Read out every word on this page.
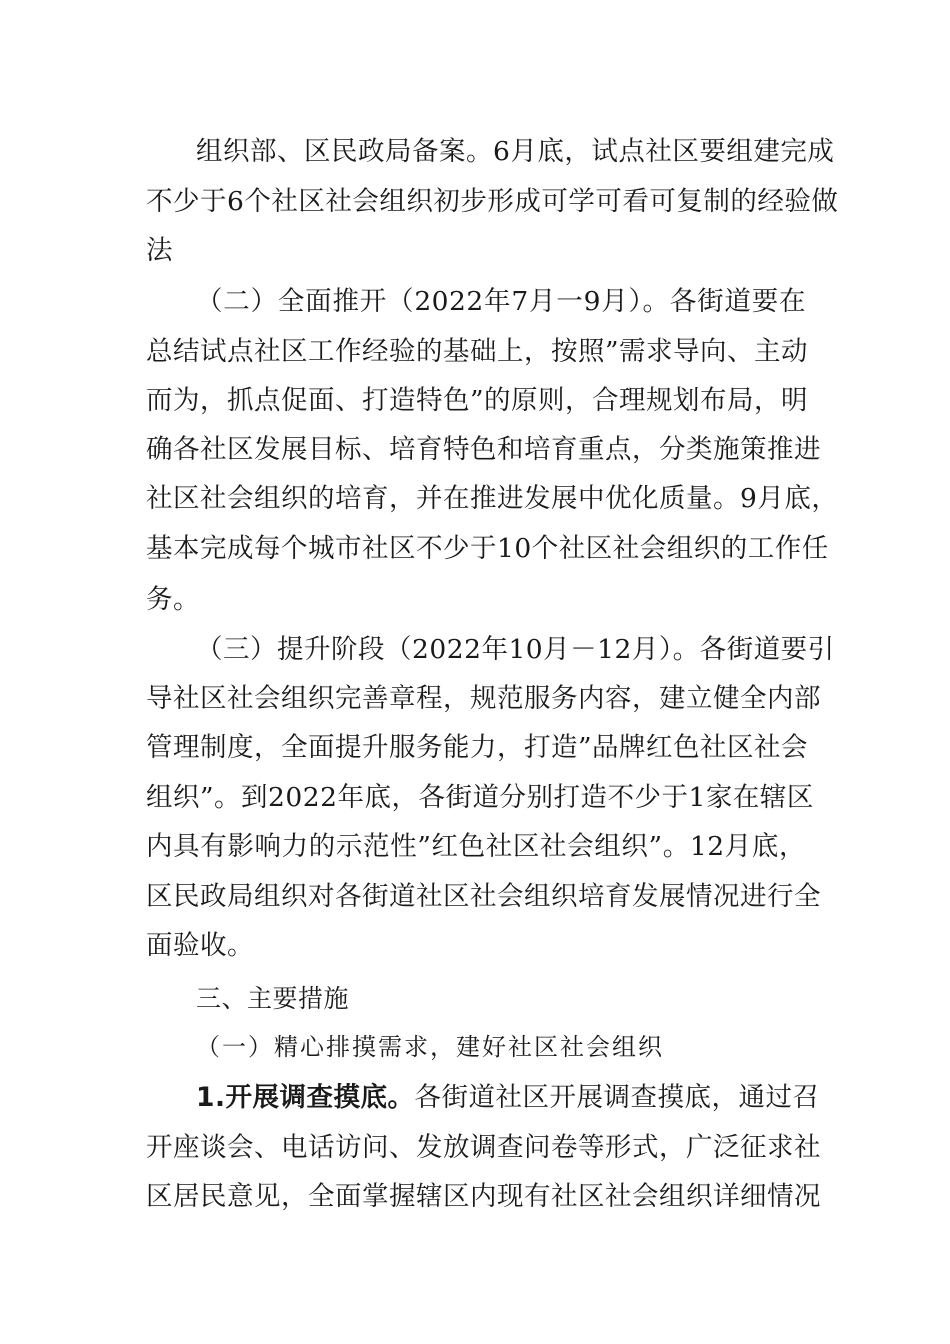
组织部、区民政局备案。6月底，试点社区要组建完成
不少于6个社区社会组织初步形成可学可看可复制的经验做
法
（二）全面推开（2022年7月一9月）。各街道要在
总结试点社区工作经验的基础上，按照”需求导向、主动
而为，抓点促面、打造特色”的原则，合理规划布局，明
确各社区发展目标、培育特色和培育重点，分类施策推进
社区社会组织的培育，并在推进发展中优化质量。9月底，
基本完成每个城市社区不少于10个社区社会组织的工作任
务。
（三）提升阶段（2022年10月－12月）。各街道要引
导社区社会组织完善章程，规范服务内容，建立健全内部
管理制度，全面提升服务能力，打造”品牌红色社区社会
组织”。到2022年底，各街道分别打造不少于1家在辖区
内具有影响力的示范性”红色社区社会组织”。12月底，
区民政局组织对各街道社区社会组织培育发展情况进行全
面验收。
三、主要措施
（一）精心排摸需求，建好社区社会组织
1.开展调查摸底。各街道社区开展调查摸底，通过召
开座谈会、电话访问、发放调查问卷等形式，广泛征求社
区居民意见，全面掌握辖区内现有社区社会组织详细情况
